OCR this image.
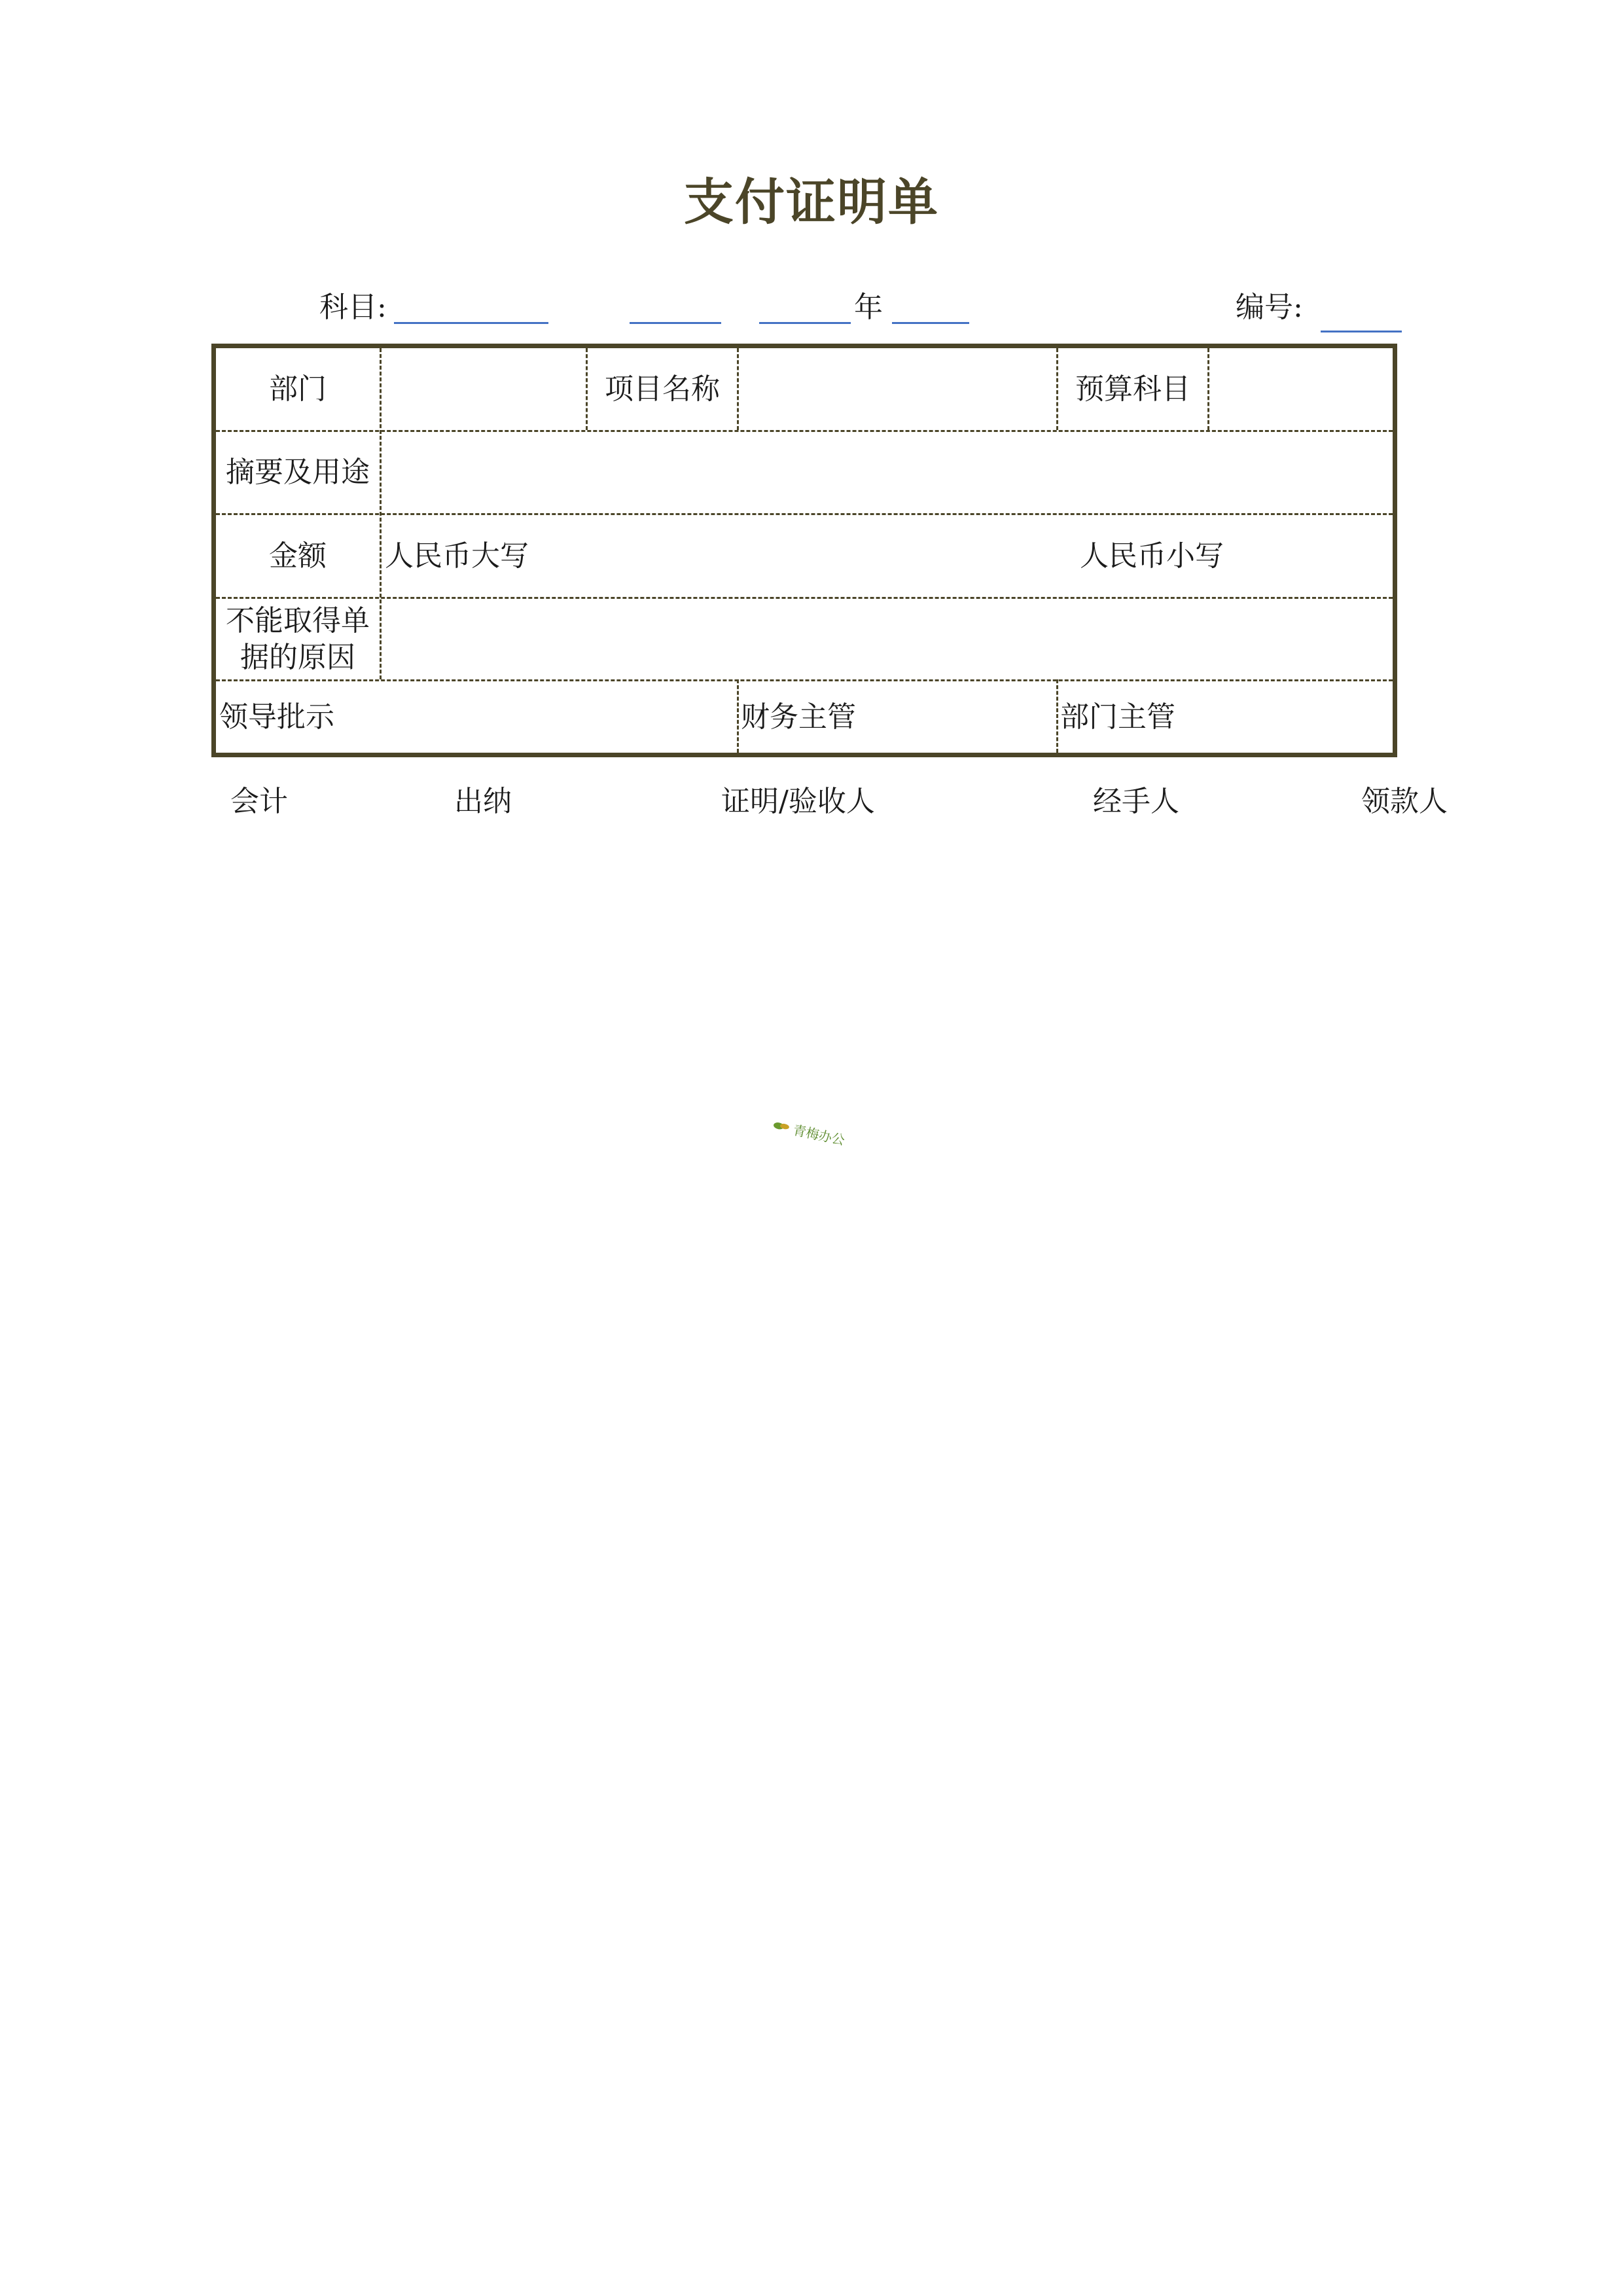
支付证明单
科目:	年	编号:
部门	项目名称	预算科目
摘要及用途
金额	人民币大写	人民币小写
不能取得单
据的原因
领导批示	财务主管	部门主管
会计	出纳	证明/验收人	经手人	领款人
青梅办公
